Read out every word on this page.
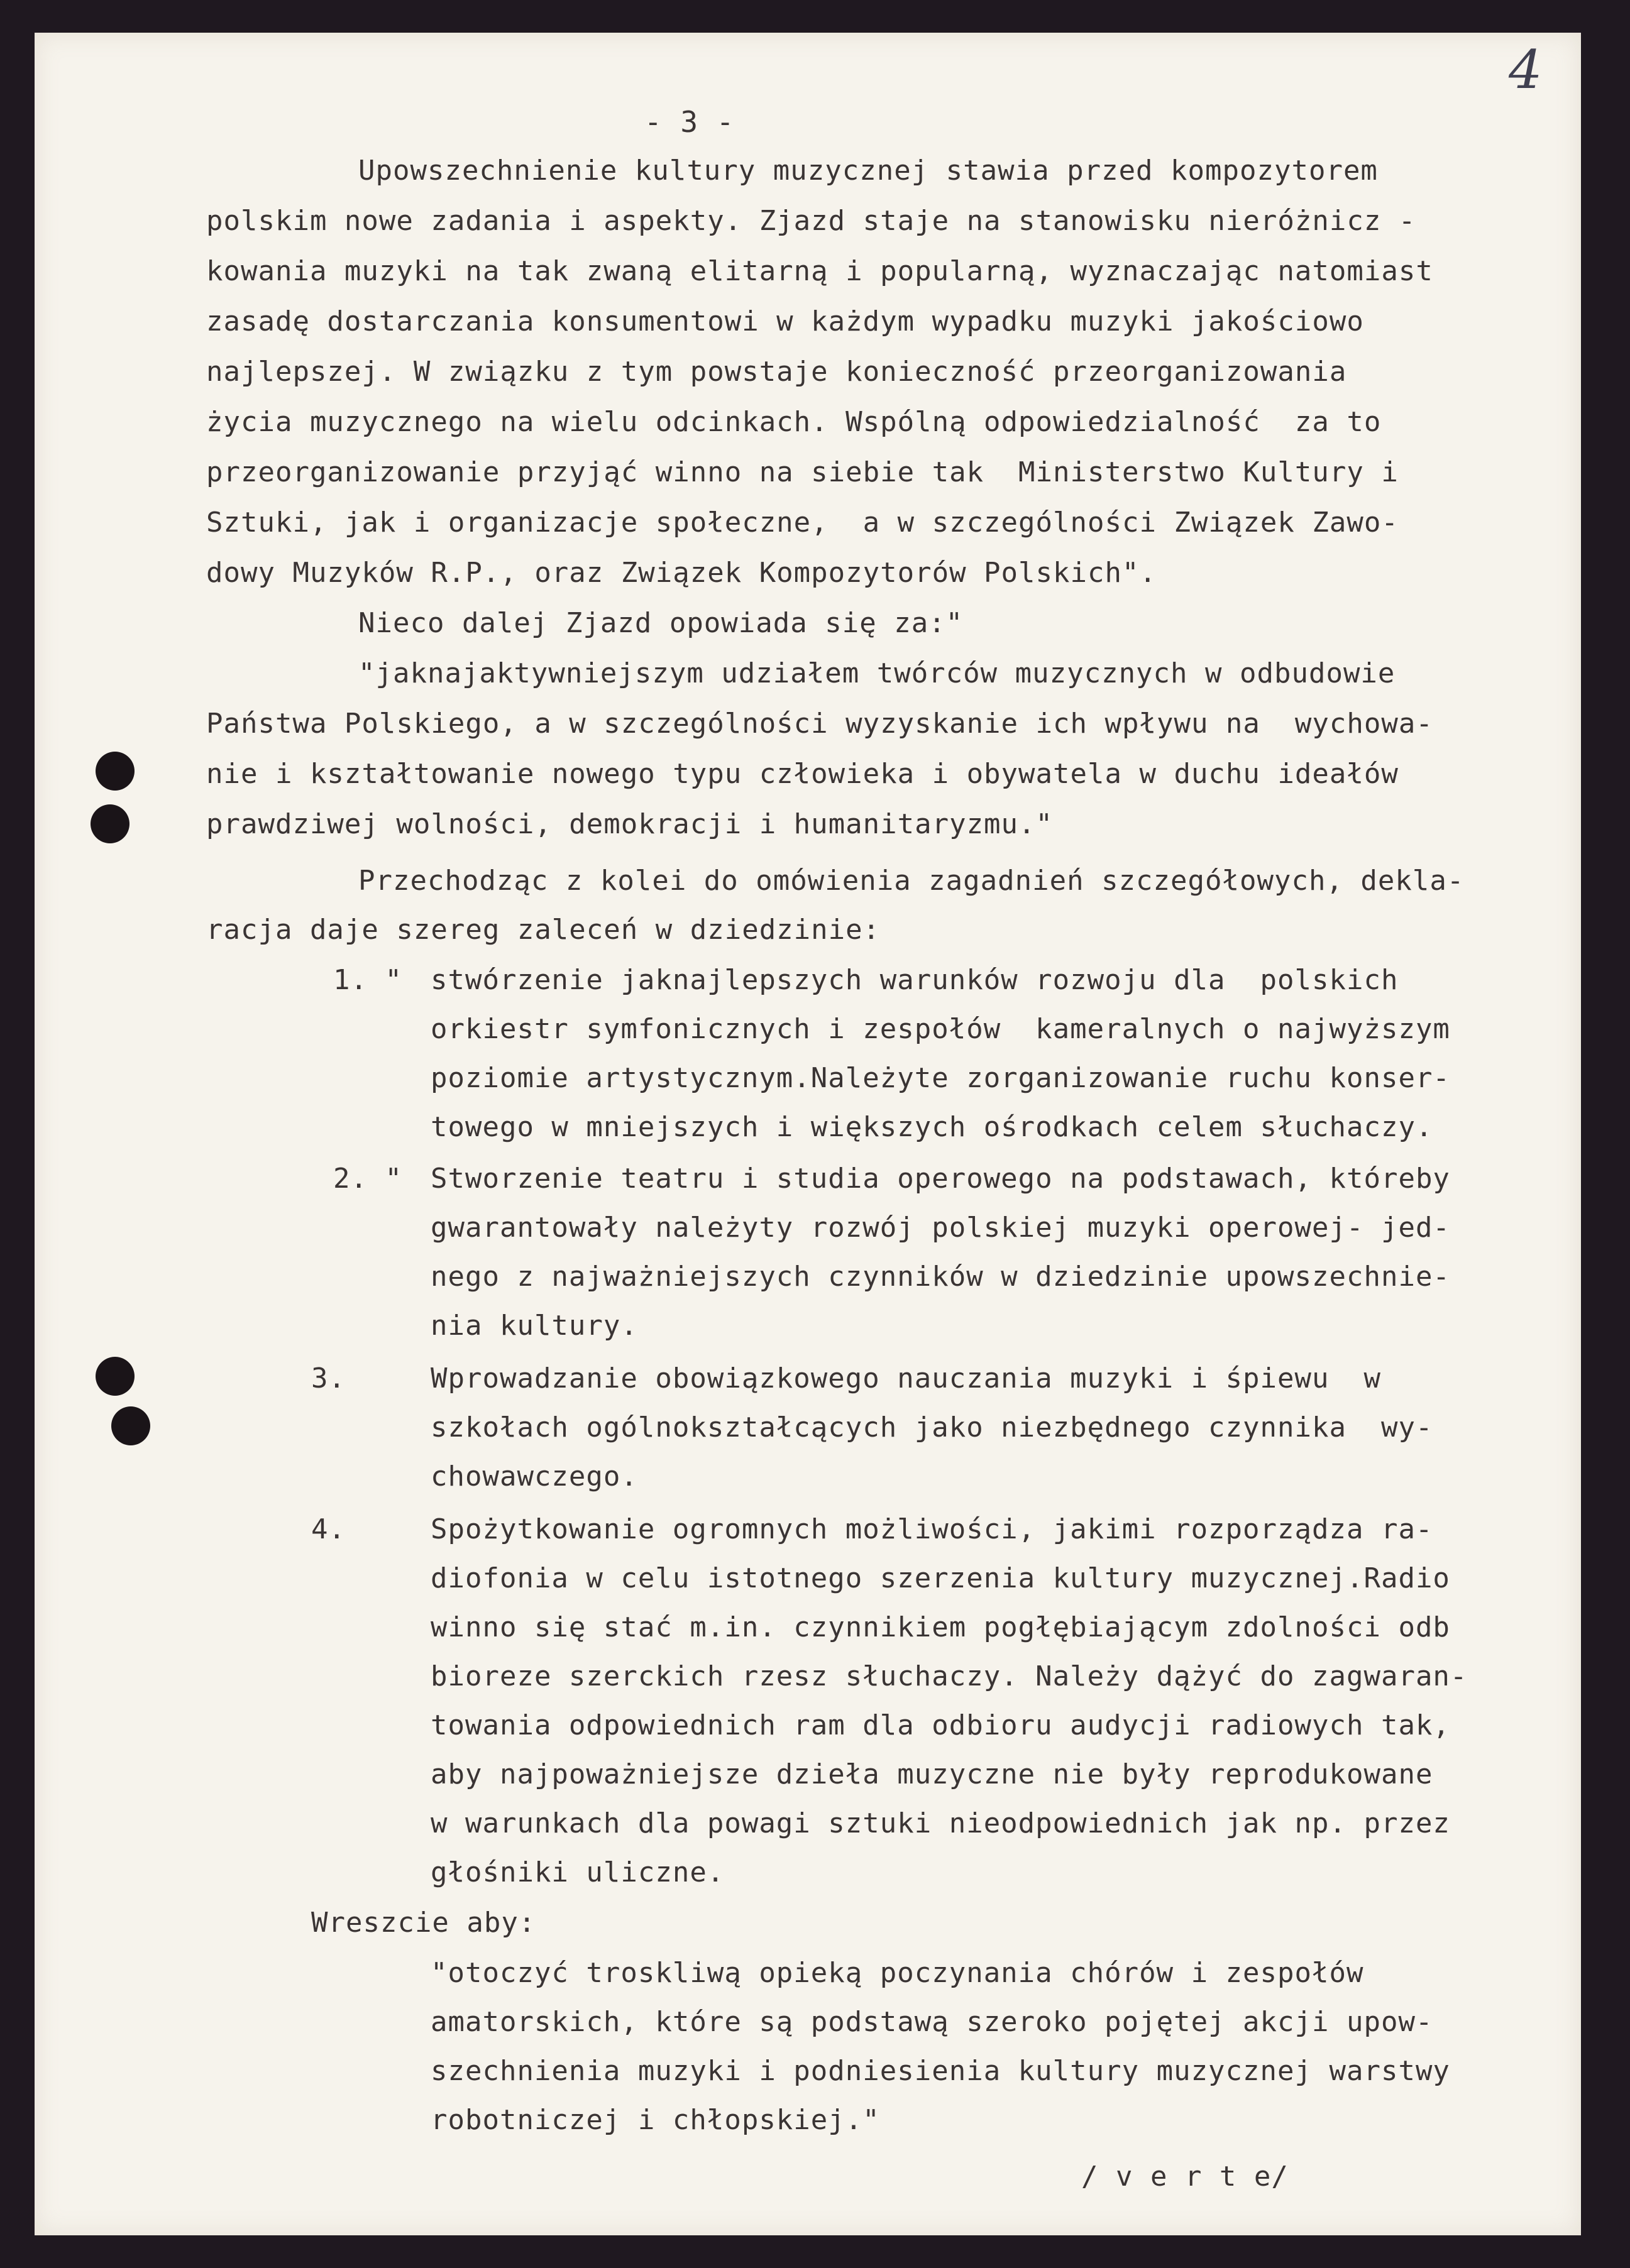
4
- 3 -
Upowszechnienie kultury muzycznej stawia przed kompozytorem
polskim nowe zadania i aspekty. Zjazd staje na stanowisku nieróżnicz -
kowania muzyki na tak zwaną elitarną i popularną, wyznaczając natomiast
zasadę dostarczania konsumentowi w każdym wypadku muzyki jakościowo
najlepszej. W związku z tym powstaje konieczność przeorganizowania
życia muzycznego na wielu odcinkach. Wspólną odpowiedzialność  za to
przeorganizowanie przyjąć winno na siebie tak  Ministerstwo Kultury i
Sztuki, jak i organizacje społeczne,  a w szczególności Związek Zawo-
dowy Muzyków R.P., oraz Związek Kompozytorów Polskich".
Nieco dalej Zjazd opowiada się za:"
"jaknajaktywniejszym udziałem twórców muzycznych w odbudowie
Państwa Polskiego, a w szczególności wyzyskanie ich wpływu na  wychowa-
nie i kształtowanie nowego typu człowieka i obywatela w duchu ideałów
prawdziwej wolności, demokracji i humanitaryzmu."
Przechodząc z kolei do omówienia zagadnień szczegółowych, dekla-
racja daje szereg zaleceń w dziedzinie:
1. " stwórzenie jaknajlepszych warunków rozwoju dla  polskich
orkiestr symfonicznych i zespołów  kameralnych o najwyższym
poziomie artystycznym.Należyte zorganizowanie ruchu konser-
towego w mniejszych i większych ośrodkach celem słuchaczy.
2. " Stworzenie teatru i studia operowego na podstawach, któreby
gwarantowały należyty rozwój polskiej muzyki operowej- jed-
nego z najważniejszych czynników w dziedzinie upowszechnie-
nia kultury.
3.	Wprowadzanie obowiązkowego nauczania muzyki i śpiewu  w
szkołach ogólnokształcących jako niezbędnego czynnika  wy-
chowawczego.
4.	Spożytkowanie ogromnych możliwości, jakimi rozporządza ra-
diofonia w celu istotnego szerzenia kultury muzycznej.Radio
winno się stać m.in. czynnikiem pogłębiającym zdolności odb
bioreze szerckich rzesz słuchaczy. Należy dążyć do zagwaran-
towania odpowiednich ram dla odbioru audycji radiowych tak,
aby najpoważniejsze dzieła muzyczne nie były reprodukowane
w warunkach dla powagi sztuki nieodpowiednich jak np. przez
głośniki uliczne.
Wreszcie aby:
"otoczyć troskliwą opieką poczynania chórów i zespołów
amatorskich, które są podstawą szeroko pojętej akcji upow-
szechnienia muzyki i podniesienia kultury muzycznej warstwy
robotniczej i chłopskiej."
/ v e r t e/
